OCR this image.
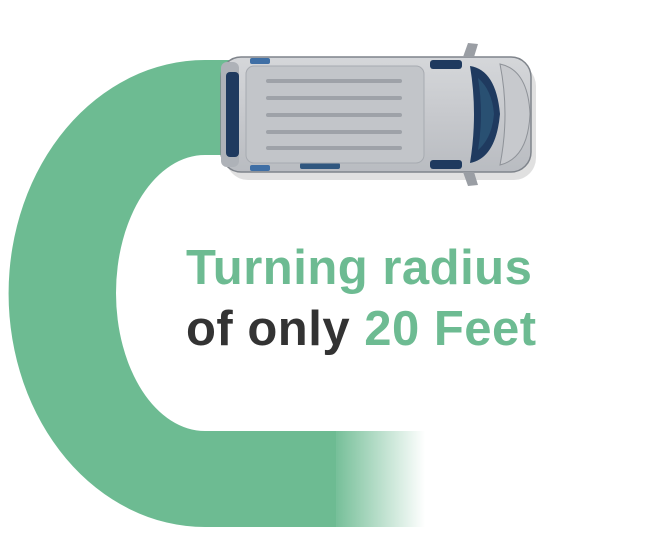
Turning radius
of only 20 Feet
